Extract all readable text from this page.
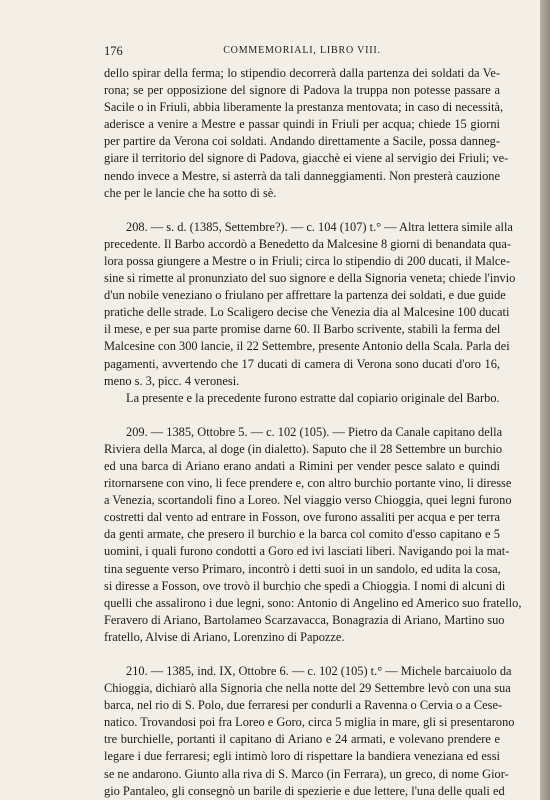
176	COMMEMORIALI, LIBRO VIII.
dello spirar della ferma; lo stipendio decorrerà dalla partenza dei soldati da Ve-
rona; se per opposizione del signore di Padova la truppa non potesse passare a
Sacile o in Friuli, abbia liberamente la prestanza mentovata; in caso di necessità,
aderisce a venire a Mestre e passar quindi in Friuli per acqua; chiede 15 giorni
per partire da Verona coi soldati. Andando direttamente a Sacile, possa danneg-
giare il territorio del signore di Padova, giacchè ei viene al servigio dei Friuli; ve-
nendo invece a Mestre, si asterrà da tali danneggiamenti. Non presterà cauzione
che per le lancie che ha sotto di sè.
208. — s. d. (1385, Settembre?). — c. 104 (107) t.° — Altra lettera simile alla
precedente. Il Barbo accordò a Benedetto da Malcesine 8 giorni di benandata qua-
lora possa giungere a Mestre o in Friuli; circa lo stipendio di 200 ducati, il Malce-
sine si rimette al pronunziato del suo signore e della Signoria veneta; chiede l'invio
d'un nobile veneziano o friulano per affrettare la partenza dei soldati, e due guide
pratiche delle strade. Lo Scaligero decise che Venezia dia al Malcesine 100 ducati
il mese, e per sua parte promise darne 60. Il Barbo scrivente, stabilì la ferma del
Malcesine con 300 lancie, il 22 Settembre, presente Antonio della Scala. Parla dei
pagamenti, avvertendo che 17 ducati di camera di Verona sono ducati d'oro 16,
meno s. 3, picc. 4 veronesi.
La presente e la precedente furono estratte dal copiario originale del Barbo.
209. — 1385, Ottobre 5. — c. 102 (105). — Pietro da Canale capitano della
Riviera della Marca, al doge (in dialetto). Saputo che il 28 Settembre un burchio
ed una barca di Ariano erano andati a Rimini per vender pesce salato e quindi
ritornarsene con vino, li fece prendere e, con altro burchio portante vino, li diresse
a Venezia, scortandoli fino a Loreo. Nel viaggio verso Chioggia, quei legni furono
costretti dal vento ad entrare in Fosson, ove furono assaliti per acqua e per terra
da genti armate, che presero il burchio e la barca col comito d'esso capitano e 5
uomini, i quali furono condotti a Goro ed ivi lasciati liberi. Navigando poi la mat-
tina seguente verso Primaro, incontrò i detti suoi in un sandolo, ed udita la cosa,
si diresse a Fosson, ove trovò il burchio che spedì a Chioggia. I nomi di alcuni di
quelli che assalirono i due legni, sono: Antonio di Angelino ed Americo suo fratello,
Feravero di Ariano, Bartolameo Scarzavacca, Bonagrazia di Ariano, Martino suo
fratello, Alvise di Ariano, Lorenzino di Papozze.
210. — 1385, ind. IX, Ottobre 6. — c. 102 (105) t.° — Michele barcaiuolo da
Chioggia, dichiarò alla Signoria che nella notte del 29 Settembre levò con una sua
barca, nel rio di S. Polo, due ferraresi per condurli a Ravenna o Cervia o a Cese-
natico. Trovandosi poi fra Loreo e Goro, circa 5 miglia in mare, gli si presentarono
tre burchielle, portanti il capitano di Ariano e 24 armati, e volevano prendere e
legare i due ferraresi; egli intimò loro di rispettare la bandiera veneziana ed essi
se ne andarono. Giunto alla riva di S. Marco (in Ferrara), un greco, di nome Gior-
gio Pantaleo, gli consegnò un barile di spezierie e due lettere, l'una delle quali ed
